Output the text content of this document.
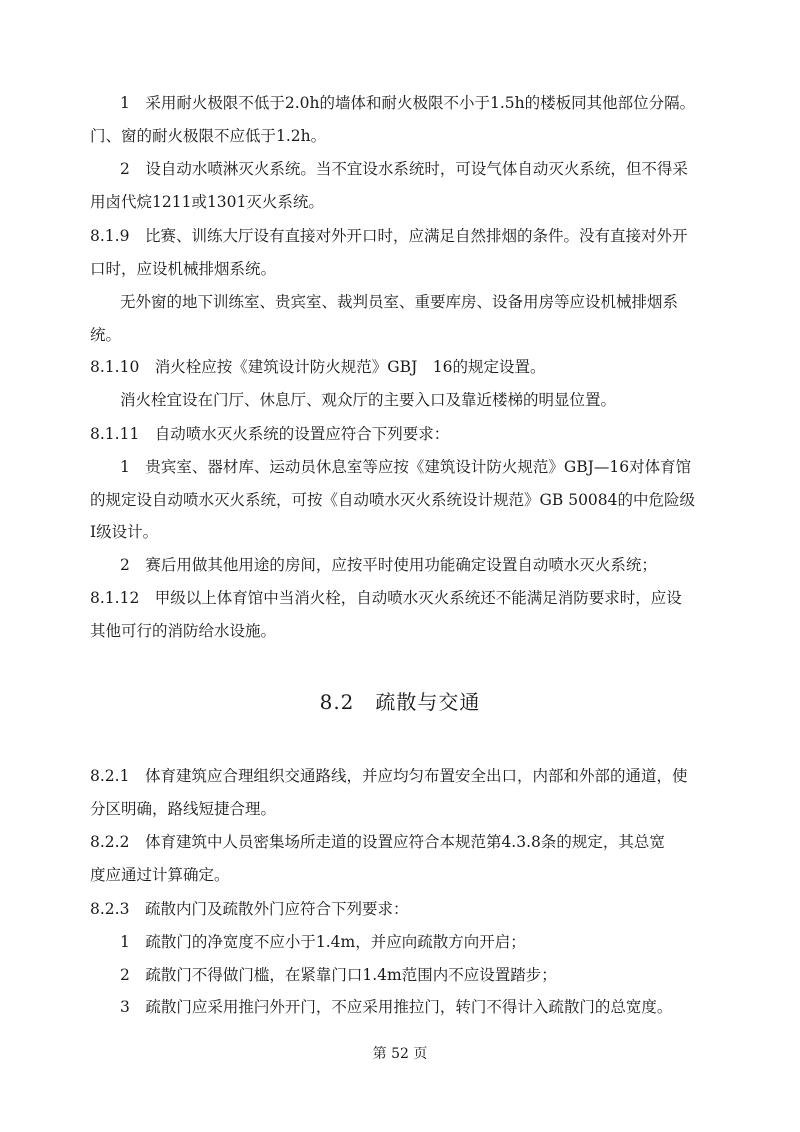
1　采用耐火极限不低于2.0h的墙体和耐火极限不小于1.5h的楼板同其他部位分隔。
门、窗的耐火极限不应低于1.2h。
2　设自动水喷淋灭火系统。当不宜设水系统时，可设气体自动灭火系统，但不得采
用卤代烷1211或1301灭火系统。
8.1.9　比赛、训练大厅设有直接对外开口时，应满足自然排烟的条件。没有直接对外开
口时，应设机械排烟系统。
无外窗的地下训练室、贵宾室、裁判员室、重要库房、设备用房等应设机械排烟系
统。
8.1.10　消火栓应按《建筑设计防火规范》GBJ　16的规定设置。
消火栓宜设在门厅、休息厅、观众厅的主要入口及靠近楼梯的明显位置。
8.1.11　自动喷水灭火系统的设置应符合下列要求：
1　贵宾室、器材库、运动员休息室等应按《建筑设计防火规范》GBJ—16对体育馆
的规定设自动喷水灭火系统，可按《自动喷水灭火系统设计规范》GB 50084的中危险级
Ⅰ级设计。
2　赛后用做其他用途的房间，应按平时使用功能确定设置自动喷水灭火系统；
8.1.12　甲级以上体育馆中当消火栓，自动喷水灭火系统还不能满足消防要求时，应设
其他可行的消防给水设施。
8.2　疏散与交通
8.2.1　体育建筑应合理组织交通路线，并应均匀布置安全出口，内部和外部的通道，使
分区明确，路线短捷合理。
8.2.2　体育建筑中人员密集场所走道的设置应符合本规范第4.3.8条的规定，其总宽
度应通过计算确定。
8.2.3　疏散内门及疏散外门应符合下列要求：
1　疏散门的净宽度不应小于1.4m，并应向疏散方向开启；
2　疏散门不得做门槛，在紧靠门口1.4m范围内不应设置踏步；
3　疏散门应采用推闩外开门，不应采用推拉门，转门不得计入疏散门的总宽度。
第 52 页
